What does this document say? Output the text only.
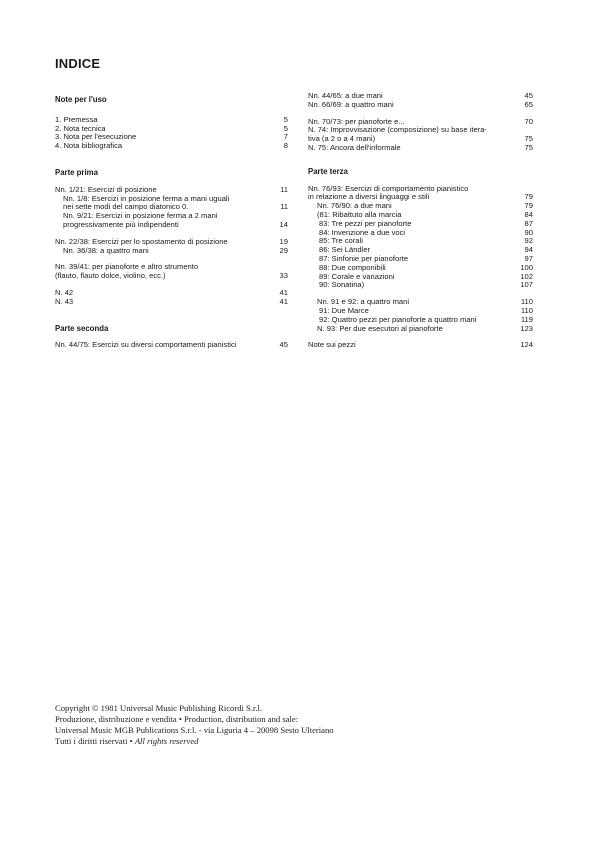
INDICE
Note per l'uso
1. Premessa	5
2. Nota tecnica	5
3. Nota per l'esecuzione	7
4. Nota bibliografica	8
Parte prima
Nn. 1/21: Esercizi di posizione	11
Nn. 1/8: Esercizi in posizione ferma a mani uguali
nei sette modi del campo diatonico 0.	11
Nn. 9/21: Esercizi in posizione ferma a 2 mani
progressivamente più indipendenti	14
Nn. 22/38: Esercizi per lo spostamento di posizione	19
Nn. 36/38: a quattro mani	29
Nn. 39/41: per pianoforte e altro strumento
(flauto, flauto dolce, violino, ecc.)	33
N. 42	41
N. 43	41
Parte seconda
Nn. 44/75: Esercizi su diversi comportamenti pianistici	45
Nn. 44/65: a due mani	45
Nn. 66/69: a quattro mani	65
Nn. 70/73: per pianoforte e...	70
N. 74: Improvvisazione (composizione) su base itera-
tiva (a 2 o a 4 mani)	75
N. 75: Ancora dell'informale	75
Parte terza
Nn. 76/93: Esercizi di comportamento pianistico
in relazione a diversi linguaggi e stili	79
Nn. 76/90: a due mani	79
(81: Ribattuto alla marcia	84
83: Tre pezzi per pianoforte	87
84: Invenzione a due voci	90
85: Tre corali	92
86: Sei Ländler	94
87: Sinfonie per pianoforte	97
88: Due componibili	100
89: Corale e variazioni	102
90: Sonatina)	107
Nn. 91 e 92: a quattro mani	110
91: Due Marce	110
92: Quattro pezzi per pianoforte a quattro mani	119
N. 93: Per due esecutori al pianoforte	123
Note sui pezzi	124
Copyright © 1981 Universal Music Publishing Ricordi S.r.l.
Produzione, distribuzione e vendita • Production, distribution and sale:
Universal Music MGB Publications S.r.l. - via Liguria 4 – 20098 Sesto Ulteriano
Tutti i diritti riservati • All rights reserved
